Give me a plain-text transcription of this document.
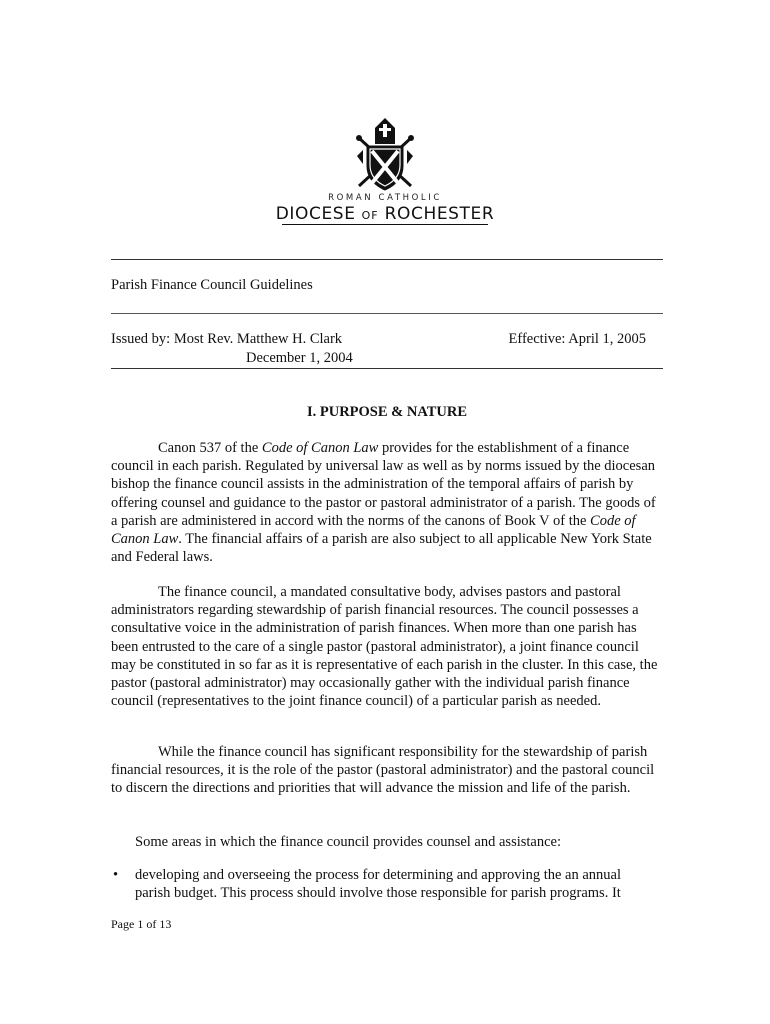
ROMAN CATHOLIC
DIOCESE OF ROCHESTER
Parish Finance Council Guidelines
Issued by: Most Rev. Matthew H. Clark
December 1, 2004
Effective: April 1, 2005
I. PURPOSE & NATURE

Canon 537 of the Code of Canon Law provides for the establishment of a finance council in each parish. Regulated by universal law as well as by norms issued by the diocesan bishop the finance council assists in the administration of the temporal affairs of parish by offering counsel and guidance to the pastor or pastoral administrator of a parish. The goods of a parish are administered in accord with the norms of the canons of Book V of the Code of Canon Law. The financial affairs of a parish are also subject to all applicable New York State and Federal laws.

The finance council, a mandated consultative body, advises pastors and pastoral administrators regarding stewardship of parish financial resources. The council possesses a consultative voice in the administration of parish finances. When more than one parish has been entrusted to the care of a single pastor (pastoral administrator), a joint finance council may be constituted in so far as it is representative of each parish in the cluster. In this case, the pastor (pastoral administrator) may occasionally gather with the individual parish finance council (representatives to the joint finance council) of a particular parish as needed.

While the finance council has significant responsibility for the stewardship of parish financial resources, it is the role of the pastor (pastoral administrator) and the pastoral council to discern the directions and priorities that will advance the mission and life of the parish.

Some areas in which the finance council provides counsel and assistance:

• developing and overseeing the process for determining and approving the an annual parish budget. This process should involve those responsible for parish programs. It
Page 1 of 13
